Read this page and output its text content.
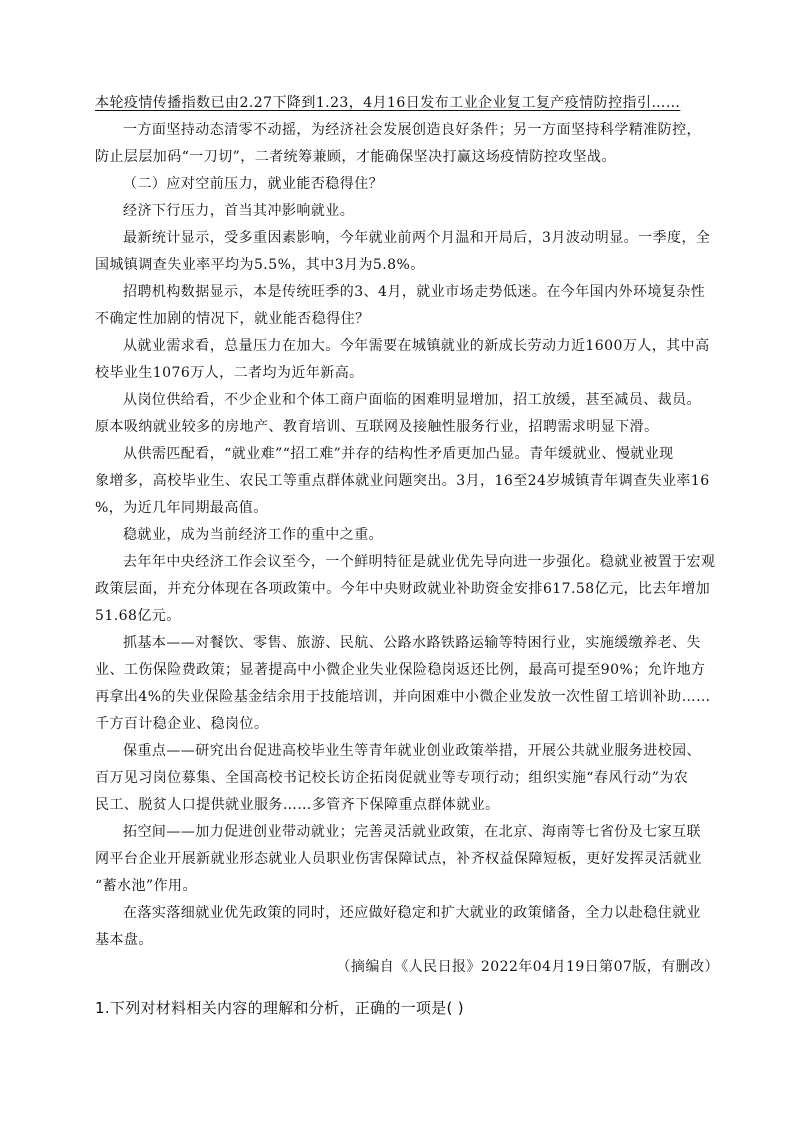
本轮疫情传播指数已由2.27下降到1.23，4月16日发布工业企业复工复产疫情防控指引……
一方面坚持动态清零不动摇，为经济社会发展创造良好条件；另一方面坚持科学精准防控，
防止层层加码“一刀切”，二者统筹兼顾，才能确保坚决打赢这场疫情防控攻坚战。
（二）应对空前压力，就业能否稳得住？
经济下行压力，首当其冲影响就业。
最新统计显示，受多重因素影响，今年就业前两个月温和开局后，3月波动明显。一季度，全
国城镇调查失业率平均为5.5%，其中3月为5.8%。
招聘机构数据显示，本是传统旺季的3、4月，就业市场走势低迷。在今年国内外环境复杂性
不确定性加剧的情况下，就业能否稳得住？
从就业需求看，总量压力在加大。今年需要在城镇就业的新成长劳动力近1600万人，其中高
校毕业生1076万人，二者均为近年新高。
从岗位供给看，不少企业和个体工商户面临的困难明显增加，招工放缓，甚至减员、裁员。
原本吸纳就业较多的房地产、教育培训、互联网及接触性服务行业，招聘需求明显下滑。
从供需匹配看，“就业难”“招工难”并存的结构性矛盾更加凸显。青年缓就业、慢就业现
象增多，高校毕业生、农民工等重点群体就业问题突出。3月，16至24岁城镇青年调查失业率16
%，为近几年同期最高值。
稳就业，成为当前经济工作的重中之重。
去年年中央经济工作会议至今，一个鲜明特征是就业优先导向进一步强化。稳就业被置于宏观
政策层面，并充分体现在各项政策中。今年中央财政就业补助资金安排617.58亿元，比去年增加
51.68亿元。
抓基本——对餐饮、零售、旅游、民航、公路水路铁路运输等特困行业，实施缓缴养老、失
业、工伤保险费政策；显著提高中小微企业失业保险稳岗返还比例，最高可提至90%；允许地方
再拿出4%的失业保险基金结余用于技能培训，并向困难中小微企业发放一次性留工培训补助……
千方百计稳企业、稳岗位。
保重点——研究出台促进高校毕业生等青年就业创业政策举措，开展公共就业服务进校园、
百万见习岗位募集、全国高校书记校长访企拓岗促就业等专项行动；组织实施“春风行动”为农
民工、脱贫人口提供就业服务……多管齐下保障重点群体就业。
拓空间——加力促进创业带动就业；完善灵活就业政策，在北京、海南等七省份及七家互联
网平台企业开展新就业形态就业人员职业伤害保障试点，补齐权益保障短板，更好发挥灵活就业
“蓄水池”作用。
在落实落细就业优先政策的同时，还应做好稳定和扩大就业的政策储备，全力以赴稳住就业
基本盘。
（摘编自《人民日报》2022年04月19日第07版，有删改）
1.下列对材料相关内容的理解和分析，正确的一项是( )
